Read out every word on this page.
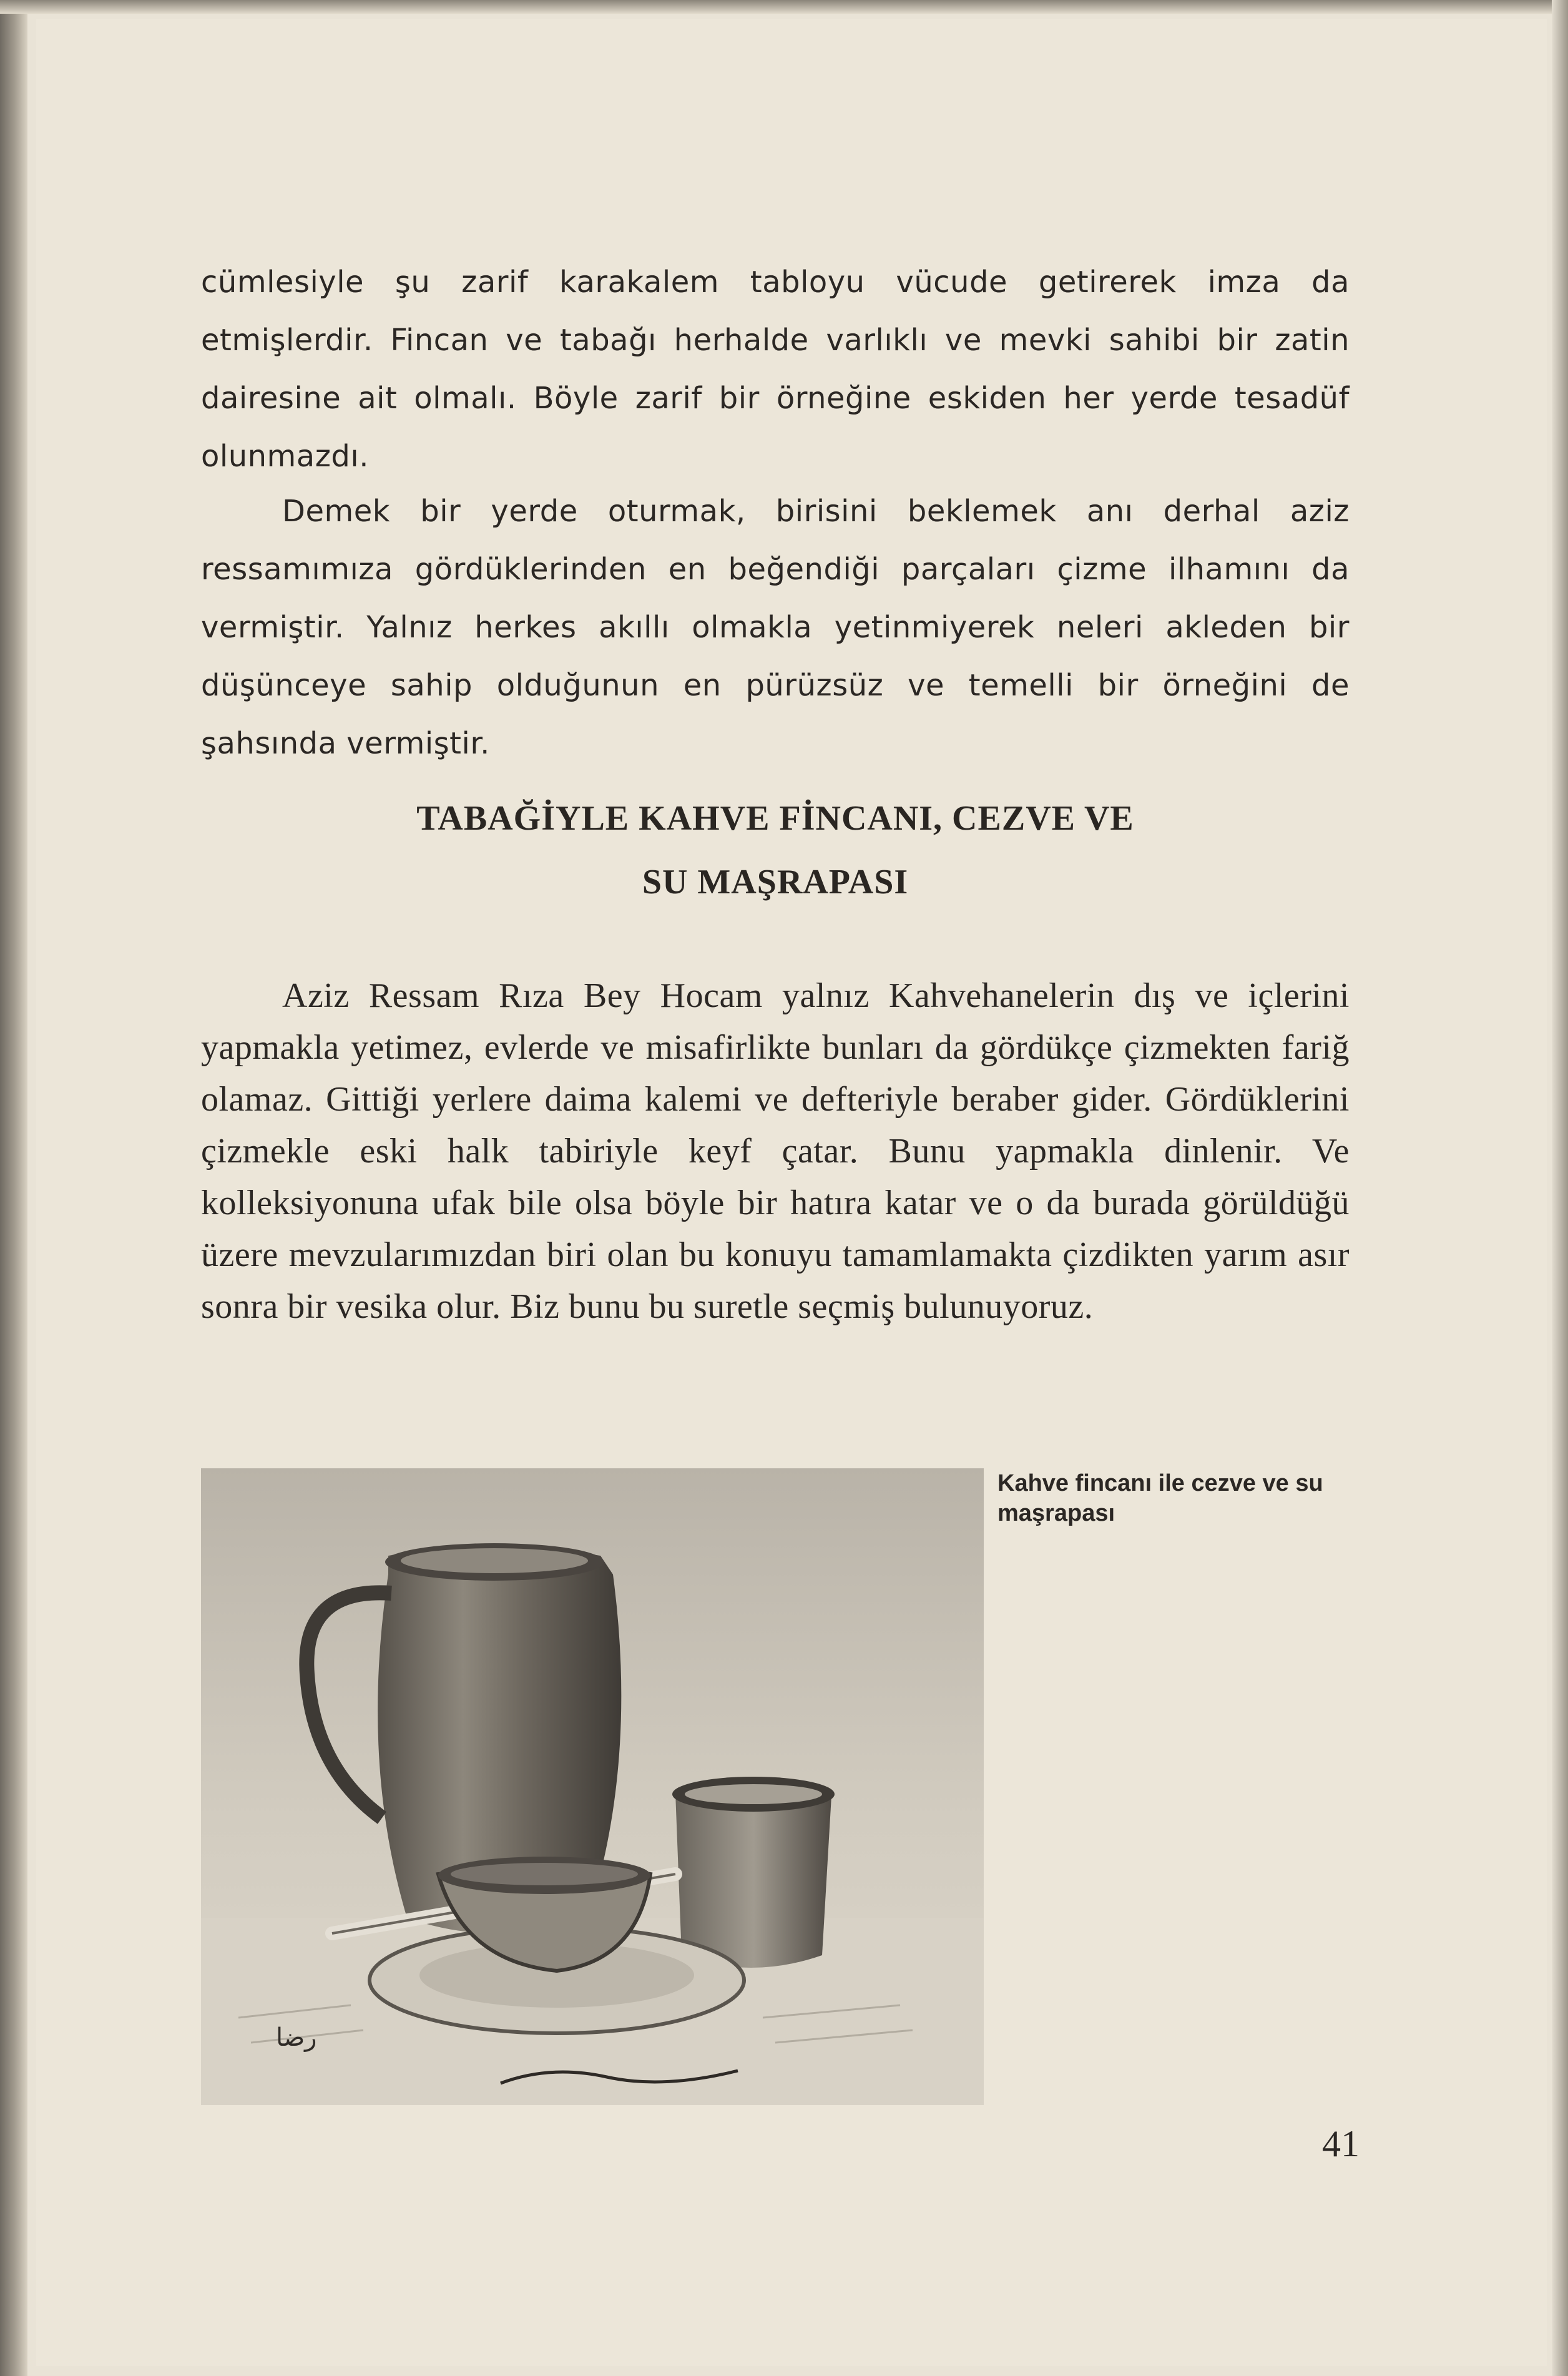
cümlesiyle şu zarif karakalem tabloyu vücude getirerek imza da etmişlerdir. Fincan ve tabağı herhalde varlıklı ve mevki sahibi bir zatin dairesine ait olmalı. Böyle zarif bir örneğine eskiden her yerde tesadüf olunmazdı.

Demek bir yerde oturmak, birisini beklemek anı derhal aziz ressamımıza gördüklerinden en beğendiği parçaları çizme ilhamını da vermiştir. Yalnız herkes akıllı olmakla yetinmiyerek neleri akleden bir düşünceye sahip olduğunun en pürüzsüz ve temelli bir örneğini de şahsında vermiştir.

TABAĞİYLE KAHVE FİNCANI, CEZVE VE
SU MAŞRAPASI

Aziz Ressam Rıza Bey Hocam yalnız Kahvehanelerin dış ve içlerini yapmakla yetimez, evlerde ve misafirlikte bunları da gördükçe çizmekten fariğ olamaz. Gittiği yerlere daima kalemi ve defteriyle beraber gider. Gördüklerini çizmekle eski halk tabiriyle keyf çatar. Bunu yapmakla dinlenir. Ve kolleksiyonuna ufak bile olsa böyle bir hatıra katar ve o da burada görüldüğü üzere mevzularımızdan biri olan bu konuyu tamamlamakta çizdikten yarım asır sonra bir vesika olur. Biz bunu bu suretle seçmiş bulunuyoruz.

رضا
Kahve fincanı ile cezve ve su maşrapası
41
